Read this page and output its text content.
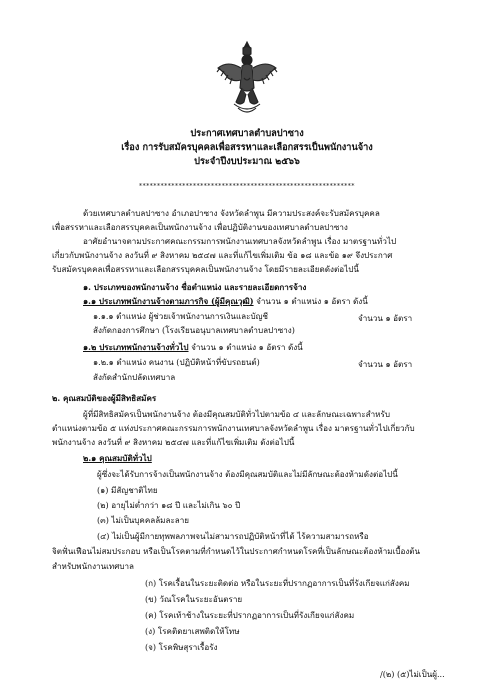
ประกาศเทศบาลตำบลปาซาง
เรื่อง การรับสมัครบุคคลเพื่อสรรหาและเลือกสรรเป็นพนักงานจ้าง
ประจำปีงบประมาณ ๒๕๖๖
************************************************************
ด้วยเทศบาลตำบลปาซาง อำเภอปาซาง จังหวัดลำพูน มีความประสงค์จะรับสมัครบุคคล
เพื่อสรรหาและเลือกสรรบุคคลเป็นพนักงานจ้าง เพื่อปฏิบัติงานของเทศบาลตำบลปาซาง
อาศัยอำนาจตามประกาศคณะกรรมการพนักงานเทศบาลจังหวัดลำพูน เรื่อง มาตรฐานทั่วไป
เกี่ยวกับพนักงานจ้าง ลงวันที่ ๙ สิงหาคม ๒๕๔๗ และที่แก้ไขเพิ่มเติม ข้อ ๑๘ และข้อ ๑๙ จึงประกาศ
รับสมัครบุคคลเพื่อสรรหาและเลือกสรรบุคคลเป็นพนักงานจ้าง โดยมีรายละเอียดดังต่อไปนี้
๑. ประเภทของพนักงานจ้าง ชื่อตำแหน่ง และรายละเอียดการจ้าง
๑.๑ ประเภทพนักงานจ้างตามภารกิจ (ผู้มีคุณวุฒิ) จำนวน ๑ ตำแหน่ง ๑ อัตรา ดังนี้
๑.๑.๑ ตำแหน่ง ผู้ช่วยเจ้าพนักงานการเงินและบัญชี	จำนวน ๑ อัตรา
สังกัดกองการศึกษา (โรงเรียนอนุบาลเทศบาลตำบลปาซาง)
๑.๒ ประเภทพนักงานจ้างทั่วไป จำนวน ๑ ตำแหน่ง ๑ อัตรา ดังนี้
๑.๒.๑ ตำแหน่ง คนงาน (ปฏิบัติหน้าที่ขับรถยนต์)	จำนวน ๑ อัตรา
สังกัดสำนักปลัดเทศบาล
๒. คุณสมบัติของผู้มีสิทธิสมัคร
ผู้ที่มีสิทธิสมัครเป็นพนักงานจ้าง ต้องมีคุณสมบัติทั่วไปตามข้อ ๔ และลักษณะเฉพาะสำหรับ
ตำแหน่งตามข้อ ๕ แห่งประกาศคณะกรรมการพนักงานเทศบาลจังหวัดลำพูน เรื่อง มาตรฐานทั่วไปเกี่ยวกับ
พนักงานจ้าง ลงวันที่ ๙ สิงหาคม ๒๕๔๗ และที่แก้ไขเพิ่มเติม ดังต่อไปนี้
๒.๑ คุณสมบัติทั่วไป
ผู้ซึ่งจะได้รับการจ้างเป็นพนักงานจ้าง ต้องมีคุณสมบัติและไม่มีลักษณะต้องห้ามดังต่อไปนี้
(๑) มีสัญชาติไทย
(๒) อายุไม่ต่ำกว่า ๑๘ ปี และไม่เกิน ๖๐ ปี
(๓) ไม่เป็นบุคคลล้มละลาย
(๔) ไม่เป็นผู้มีกายทุพพลภาพจนไม่สามารถปฏิบัติหน้าที่ได้ ไร้ความสามารถหรือ
จิตฟั่นเฟือนไม่สมประกอบ หรือเป็นโรคตามที่กำหนดไว้ในประกาศกำหนดโรคที่เป็นลักษณะต้องห้ามเบื้องต้น
สำหรับพนักงานเทศบาล
(ก) โรคเรื้อนในระยะติดต่อ หรือในระยะที่ปรากฏอาการเป็นที่รังเกียจแก่สังคม
(ข) วัณโรคในระยะอันตราย
(ค) โรคเท้าช้างในระยะที่ปรากฏอาการเป็นที่รังเกียจแก่สังคม
(ง) โรคติดยาเสพติดให้โทษ
(จ) โรคพิษสุราเรื้อรัง
/(๒) (๕)ไม่เป็นผู้...
